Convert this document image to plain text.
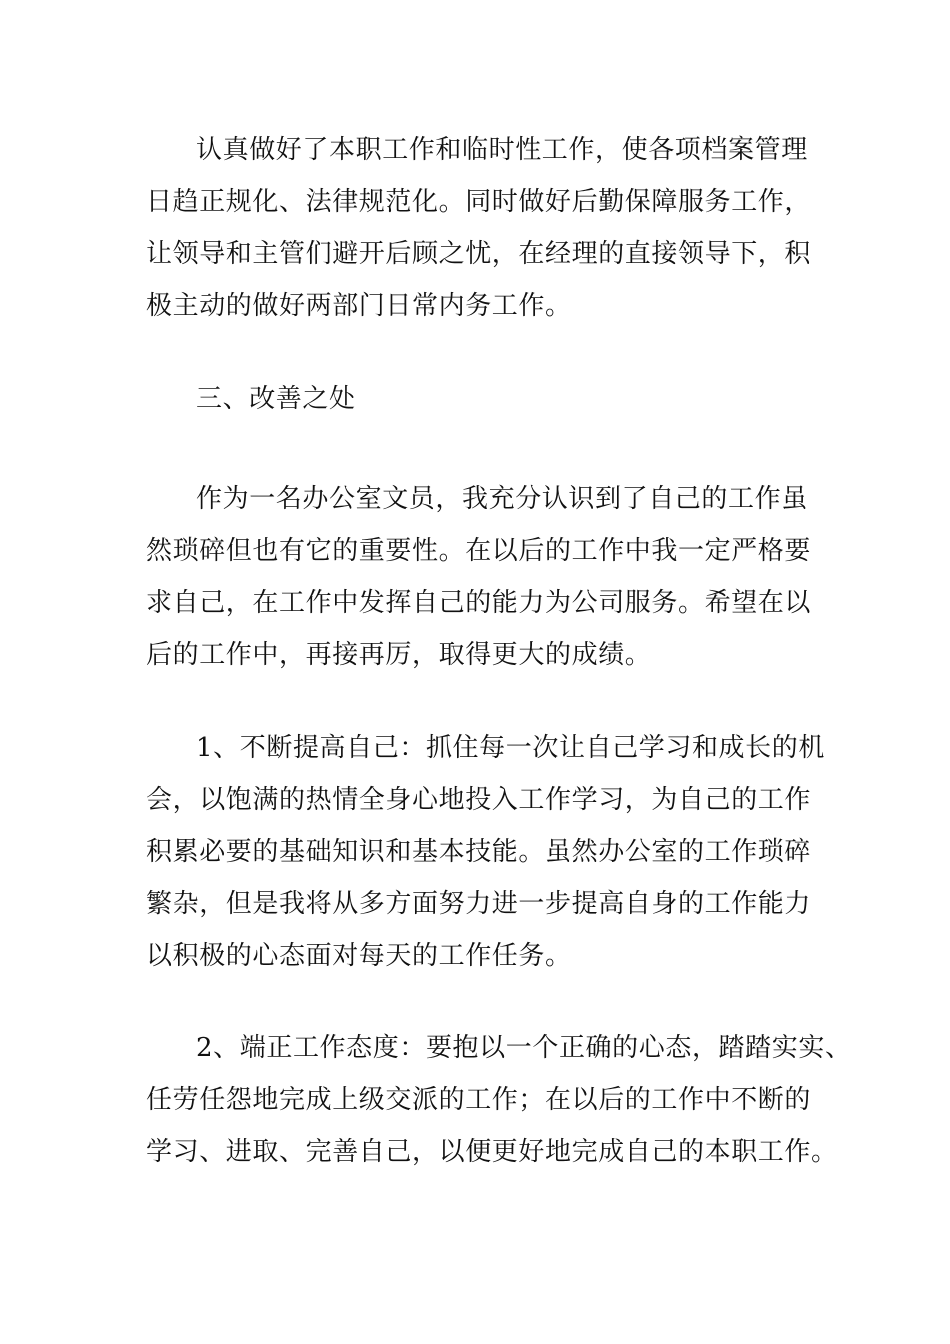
认真做好了本职工作和临时性工作，使各项档案管理
日趋正规化、法律规范化。同时做好后勤保障服务工作，
让领导和主管们避开后顾之忧，在经理的直接领导下，积
极主动的做好两部门日常内务工作。
三、改善之处
作为一名办公室文员，我充分认识到了自己的工作虽
然琐碎但也有它的重要性。在以后的工作中我一定严格要
求自己，在工作中发挥自己的能力为公司服务。希望在以
后的工作中，再接再厉，取得更大的成绩。
1、不断提高自己：抓住每一次让自己学习和成长的机
会，以饱满的热情全身心地投入工作学习，为自己的工作
积累必要的基础知识和基本技能。虽然办公室的工作琐碎
繁杂，但是我将从多方面努力进一步提高自身的工作能力
以积极的心态面对每天的工作任务。
2、端正工作态度：要抱以一个正确的心态，踏踏实实、
任劳任怨地完成上级交派的工作；在以后的工作中不断的
学习、进取、完善自己，以便更好地完成自己的本职工作。
